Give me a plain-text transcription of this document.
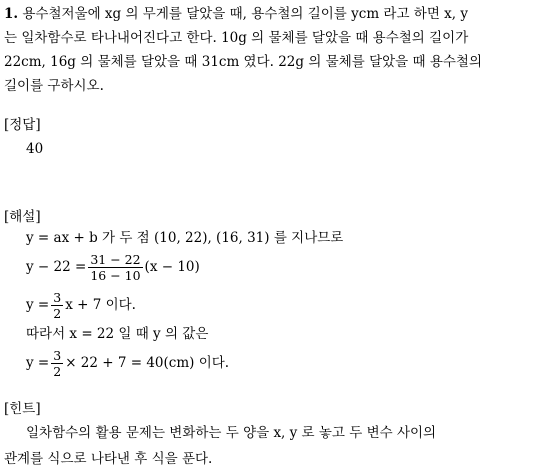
1. 용수철저울에 xg 의 무게를 달았을 때, 용수철의 길이를 ycm 라고 하면 x, y
는 일차함수로 타나내어진다고 한다. 10g 의 물체를 달았을 때 용수철의 길이가
22cm, 16g 의 물체를 달았을 때 31cm 였다. 22g 의 물체를 달았을 때 용수철의
길이를 구하시오.
[정답]
40
[해설]
y = ax + b 가 두 점 (10, 22), (16, 31) 를 지나므로
$y - 22 = \frac{31 - 22}{16 - 10} (x - 10)$
$y = \frac{3}{2}$ x + 7 이다.
따라서 x = 22 일 때 y 의 값은
$y = \frac{3}{2} \times 22 + 7 = 40(cm)$ 이다.
[힌트]
일차함수의 활용 문제는 변화하는 두 양을 x, y 로 놓고 두 변수 사이의
관계를 식으로 나타낸 후 식을 푼다.
